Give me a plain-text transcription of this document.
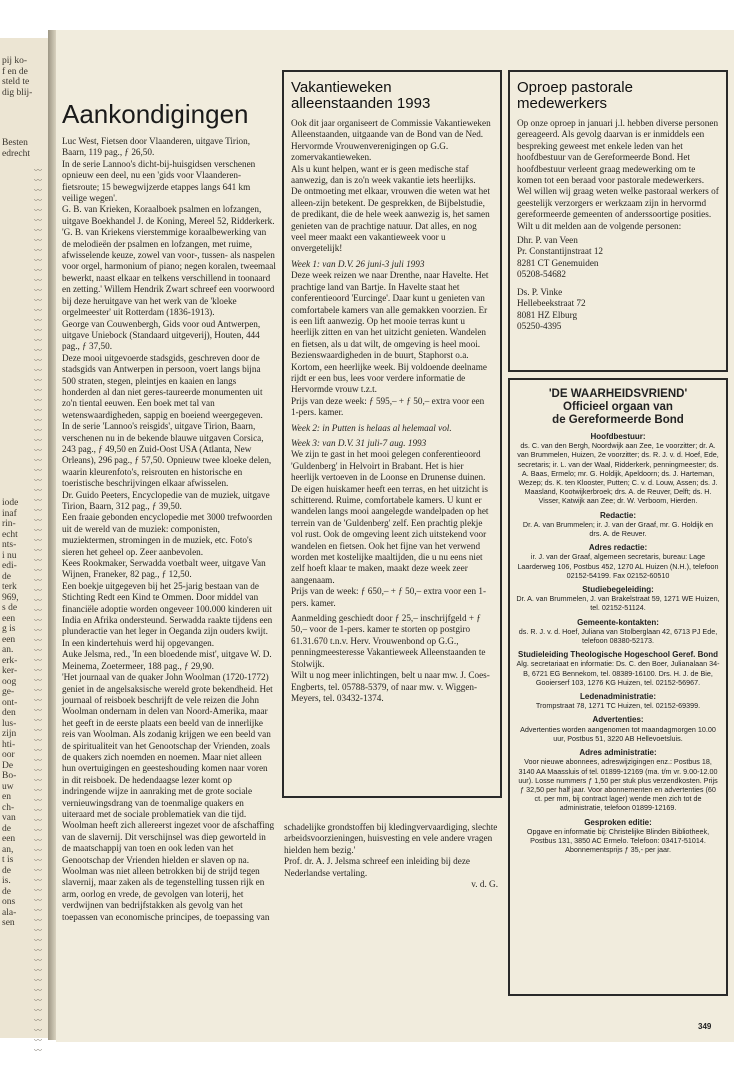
pij ko-
f en de
steld te
dig blij-
Besten
edrecht
〰〰〰〰〰〰〰〰〰〰〰〰〰〰〰〰〰〰〰〰〰〰〰〰〰〰〰〰〰〰〰〰〰〰〰〰〰〰〰〰〰〰〰〰〰〰〰〰〰〰〰〰〰〰〰〰〰〰〰〰〰〰〰〰〰〰〰〰〰〰〰〰〰〰〰〰〰〰〰〰〰〰〰〰〰〰〰〰〰
iode
inaf
rin-
echt
nts-
i nu
edi-
de
terk
969,
s de
een
g is
een
an.
erk-
ker-
oog
ge-
ont-
den
lus-
zijn
hti-
oor
De
Bo-
uw
en
ch-
van
de
een
an,
t is
de
is.
de
ons
ala-
sen
Aankondigingen

Luc West, Fietsen door Vlaanderen, uitgave Tirion, Baarn, 119 pag., ƒ 26,50.

In de serie Lannoo's dicht-bij-huisgidsen verschenen opnieuw een deel, nu een 'gids voor Vlaanderen-fietsroute; 15 bewegwijzerde etappes langs 641 km veilige wegen'.

G. B. van Krieken, Koraalboek psalmen en lofzangen, uitgave Boekhandel J. de Koning, Mereel 52, Ridderkerk.

'G. B. van Kriekens vierstemmige koraalbewerking van de melodieën der psalmen en lofzangen, met ruime, afwisselende keuze, zowel van voor-, tussen- als naspelen voor orgel, harmonium of piano; negen koralen, tweemaal bewerkt, naast elkaar en telkens verschillend in toonaard en zetting.' Willem Hendrik Zwart schreef een voorwoord bij deze heruitgave van het werk van de 'kloeke orgelmeester' uit Rotterdam (1836-1913).

George van Couwenbergh, Gids voor oud Antwerpen, uitgave Uniebock (Standaard uitgeverij), Houten, 444 pag., ƒ 37,50.

Deze mooi uitgevoerde stadsgids, geschreven door de stadsgids van Antwerpen in persoon, voert langs bijna 500 straten, stegen, pleintjes en kaaien en langs honderden al dan niet geres-taureerde monumenten uit zo'n tiental eeuwen. Een boek met tal van wetenswaardigheden, sappig en boeiend weergegeven.

In de serie 'Lannoo's reisgids', uitgave Tirion, Baarn, verschenen nu in de bekende blauwe uitgaven Corsica, 243 pag., ƒ 49,50 en Zuid-Oost USA (Atlanta, New Orleans), 296 pag., ƒ 57,50. Opnieuw twee kloeke delen, waarin kleurenfoto's, reisrouten en historische en toeristische beschrijvingen elkaar afwisselen.

Dr. Guido Peeters, Encyclopedie van de muziek, uitgave Tirion, Baarn, 312 pag., ƒ 39,50.

Een fraaie gebonden encyclopedie met 3000 trefwoorden uit de wereld van de muziek: componisten, muziektermen, stromingen in de muziek, etc. Foto's sieren het geheel op. Zeer aanbevolen.

Kees Rookmaker, Serwadda voetbalt weer, uitgave Van Wijnen, Franeker, 82 pag., ƒ 12,50.

Een boekje uitgegeven bij het 25-jarig bestaan van de Stichting Redt een Kind te Ommen. Door middel van financiële adoptie worden ongeveer 100.000 kinderen uit India en Afrika ondersteund. Serwadda raakte tijdens een plunderactie van het leger in Oeganda zijn ouders kwijt. In een kindertehuis werd hij opgevangen.

Auke Jelsma, red., 'In een bloedende mist', uitgave W. D. Meinema, Zoetermeer, 188 pag., ƒ 29,90.

'Het journaal van de quaker John Woolman (1720-1772) geniet in de angelsaksische wereld grote bekendheid. Het journaal of reisboek beschrijft de vele reizen die John Woolman ondernam in delen van Noord-Amerika, maar het geeft in de eerste plaats een beeld van de innerlijke reis van Woolman. Als zodanig krijgen we een beeld van de spiritualiteit van het Genootschap der Vrienden, zoals de quakers zich noemden en noemen. Maar niet alleen hun overtuigingen en geesteshouding komen naar voren in dit reisboek. De hedendaagse lezer komt op indringende wijze in aanraking met de grote sociale vernieuwingsdrang van de toenmalige quakers en uiteraard met de sociale problematiek van die tijd. Woolman heeft zich allereerst ingezet voor de afschaffing van de slavernij. Dit verschijnsel was diep geworteld in de maatschappij van toen en ook leden van het Genootschap der Vrienden hielden er slaven op na. Woolman was niet alleen betrokken bij de strijd tegen slavernij, maar zaken als de tegenstelling tussen rijk en arm, oorlog en vrede, de gevolgen van loterij, het verdwijnen van bedrijfstakken als gevolg van het toepassen van economische principes, de toepassing van

schadelijke grondstoffen bij kledingvervaardiging, slechte arbeidsvoorzieningen, huisvesting en vele andere vragen hielden hem bezig.'

Prof. dr. A. J. Jelsma schreef een inleiding bij deze Nederlandse vertaling.

v. d. G.

Vakantieweken alleenstaanden 1993

Ook dit jaar organiseert de Commissie Vakantieweken Alleenstaanden, uitgaande van de Bond van de Ned. Hervormde Vrouwenverenigingen op G.G. zomervakantieweken.

Als u kunt helpen, want er is geen medische staf aanwezig, dan is zo'n week vakantie iets heerlijks.

De ontmoeting met elkaar, vrouwen die weten wat het alleen-zijn betekent. De gesprekken, de Bijbelstudie, de predikant, die de hele week aanwezig is, het samen genieten van de prachtige natuur. Dat alles, en nog veel meer maakt een vakantieweek voor u onvergetelijk!

Week 1: van D.V. 26 juni-3 juli 1993

Deze week reizen we naar Drenthe, naar Havelte. Het prachtige land van Bartje. In Havelte staat het conferentieoord 'Eurcinge'. Daar kunt u genieten van comfortabele kamers van alle gemakken voorzien. Er is een lift aanwezig. Op het mooie terras kunt u heerlijk zitten en van het uitzicht genieten. Wandelen en fietsen, als u dat wilt, de omgeving is heel mooi. Bezienswaardigheden in de buurt, Staphorst o.a. Kortom, een heerlijke week. Bij voldoende deelname rijdt er een bus, lees voor verdere informatie de Hervormde vrouw t.z.t.

Prijs van deze week: ƒ 595,– + ƒ 50,– extra voor een 1-pers. kamer.

Week 2: in Putten is helaas al helemaal vol.

Week 3: van D.V. 31 juli-7 aug. 1993

We zijn te gast in het mooi gelegen conferentieoord 'Guldenberg' in Helvoirt in Brabant. Het is hier heerlijk vertoeven in de Loonse en Drunense duinen. De eigen huiskamer heeft een terras, en het uitzicht is schitterend. Ruime, comfortabele kamers. U kunt er wandelen langs mooi aangelegde wandelpaden op het terrein van de 'Guldenberg' zelf. Een prachtig plekje vol rust. Ook de omgeving leent zich uitstekend voor wandelen en fietsen. Ook het fijne van het verwend worden met kostelijke maaltijden, die u nu eens niet zelf hoeft klaar te maken, maakt deze week zeer aangenaam.

Prijs van de week: ƒ 650,– + ƒ 50,– extra voor een 1-pers. kamer.

Aanmelding geschiedt door ƒ 25,– inschrijfgeld + ƒ 50,– voor de 1-pers. kamer te storten op postgiro 61.31.670 t.n.v. Herv. Vrouwenbond op G.G., penningmeesteresse Vakantieweek Alleenstaanden te Stolwijk.

Wilt u nog meer inlichtingen, belt u naar mw. J. Coes-Engberts, tel. 05788-5379, of naar mw. v. Wiggen-Meyers, tel. 03432-1374.

Oproep pastorale medewerkers

Op onze oproep in januari j.l. hebben diverse personen gereageerd. Als gevolg daarvan is er inmiddels een bespreking geweest met enkele leden van het hoofdbestuur van de Gereformeerde Bond. Het hoofdbestuur verleent graag medewerking om te komen tot een beraad voor pastorale medewerkers. Wel willen wij graag weten welke pastoraal werkers of geestelijk verzorgers er werkzaam zijn in hervormd gereformeerde gemeenten of anderssoortige posities.

Wilt u dit melden aan de volgende personen:

Dhr. P. van Veen
Pr. Constantijnstraat 12
8281 CT Genemuiden
05208-54682

Ds. P. Vinke
Hellebeekstraat 72
8081 HZ Elburg
05250-4395

'DE WAARHEIDSVRIEND'
Officieel orgaan van
de Gereformeerde Bond
Hoofdbestuur:
ds. C. van den Bergh, Noordwijk aan Zee, 1e voorzitter; dr. A. van Brummelen, Huizen, 2e voorzitter; ds. R. J. v. d. Hoef, Ede, secretaris; ir. L. van der Waal, Ridderkerk, penningmeester; ds. A. Baas, Ermelo; mr. G. Holdijk, Apeldoorn; ds. J. Harteman, Wezep; ds. K. ten Klooster, Putten; C. v. d. Louw, Assen; ds. J. Maasland, Kootwijkerbroek; drs. A. de Reuver, Delft; ds. H. Visser, Katwijk aan Zee; dr. W. Verboom, Hierden.
Redactie:
Dr. A. van Brummelen; ir. J. van der Graaf, mr. G. Holdijk en drs. A. de Reuver.
Adres redactie:
ir. J. van der Graaf, algemeen secretaris, bureau: Lage Laarderweg 106, Postbus 452, 1270 AL Huizen (N.H.), telefoon 02152-54199. Fax 02152-60510
Studiebegeleiding:
Dr. A. van Brummelen, J. van Brakelstraat 59, 1271 WE Huizen, tel. 02152-51124.
Gemeente-kontakten:
ds. R. J. v. d. Hoef, Juliana van Stolberglaan 42, 6713 PJ Ede, telefoon 08380-52173.
Studieleiding Theologische Hogeschool Geref. Bond
Alg. secretariaat en informatie: Ds. C. den Boer, Julianalaan 34-B, 6721 EG Bennekom, tel. 08389-16100. Drs. H. J. de Bie, Gooierserf 103, 1276 KG Huizen, tel. 02152-56967.
Ledenadministratie:
Trompstraat 78, 1271 TC Huizen, tel. 02152-69399.
Advertenties:
Advertenties worden aangenomen tot maandagmorgen 10.00 uur, Postbus 51, 3220 AB Hellevoetsluis.
Adres administratie:
Voor nieuwe abonnees, adreswijzigingen enz.: Postbus 18, 3140 AA Maassluis of tel. 01899-12169 (ma. t/m vr. 9.00-12.00 uur). Losse nummers ƒ 1,50 per stuk plus verzendkosten. Prijs ƒ 32,50 per half jaar. Voor abonnementen en advertenties (60 ct. per mm, bij contract lager) wende men zich tot de administratie, telefoon 01899-12169.
Gesproken editie:
Opgave en informatie bij: Christelijke Blinden Bibliotheek, Postbus 131, 3850 AC Ermelo. Telefoon: 03417-51014. Abonnementsprijs ƒ 35,- per jaar.
349
